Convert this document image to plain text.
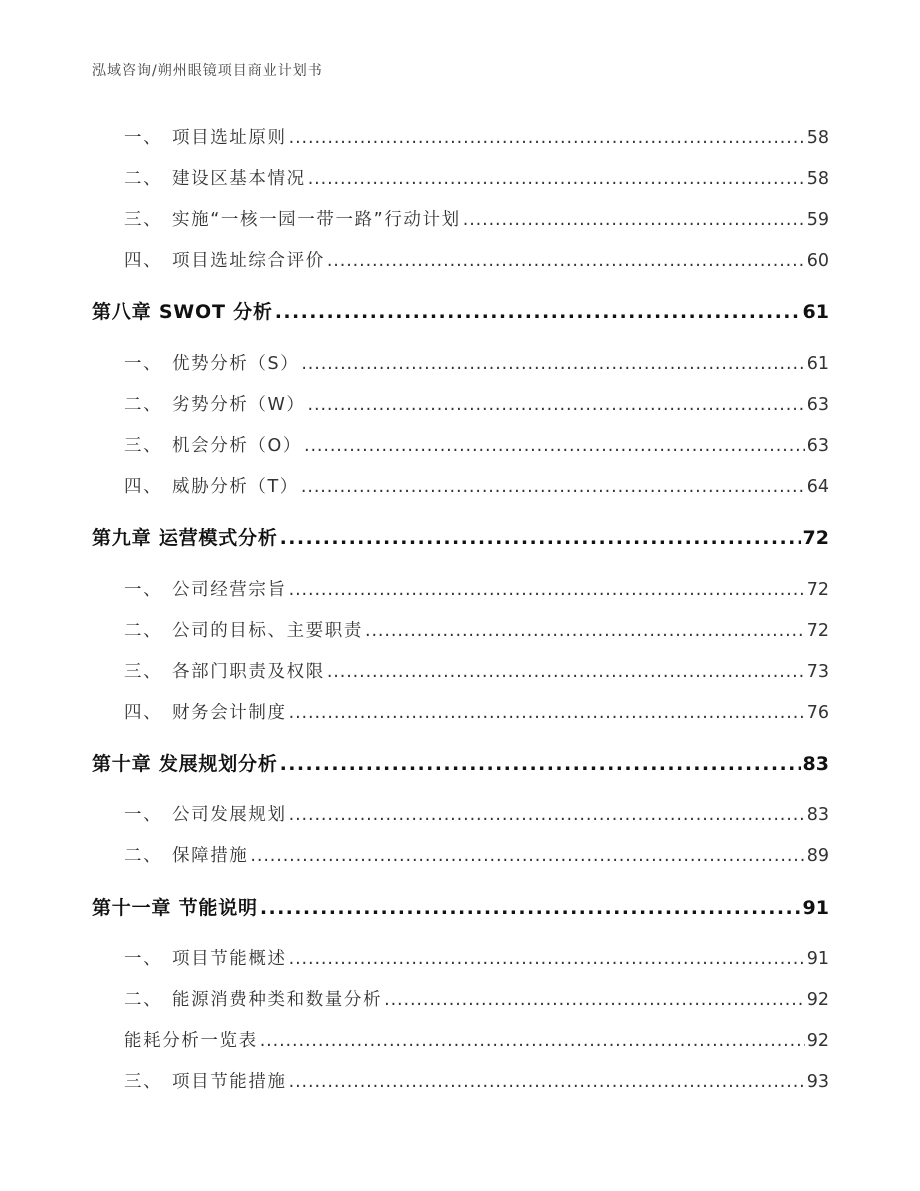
泓域咨询/朔州眼镜项目商业计划书
一、 项目选址原则 .....	58
二、 建设区基本情况 .....	58
三、 实施“一核一园一带一路”行动计划 .....	59
四、 项目选址综合评价 .....	60
第八章 SWOT 分析 .....	61
一、 优势分析（S） .....	61
二、 劣势分析（W） .....	63
三、 机会分析（O） .....	63
四、 威胁分析（T） .....	64
第九章 运营模式分析 .....	72
一、 公司经营宗旨 .....	72
二、 公司的目标、主要职责 .....	72
三、 各部门职责及权限 .....	73
四、 财务会计制度 .....	76
第十章 发展规划分析 .....	83
一、 公司发展规划 .....	83
二、 保障措施 .....	89
第十一章 节能说明 .....	91
一、 项目节能概述 .....	91
二、 能源消费种类和数量分析 .....	92
能耗分析一览表 .....	92
三、 项目节能措施 .....	93
